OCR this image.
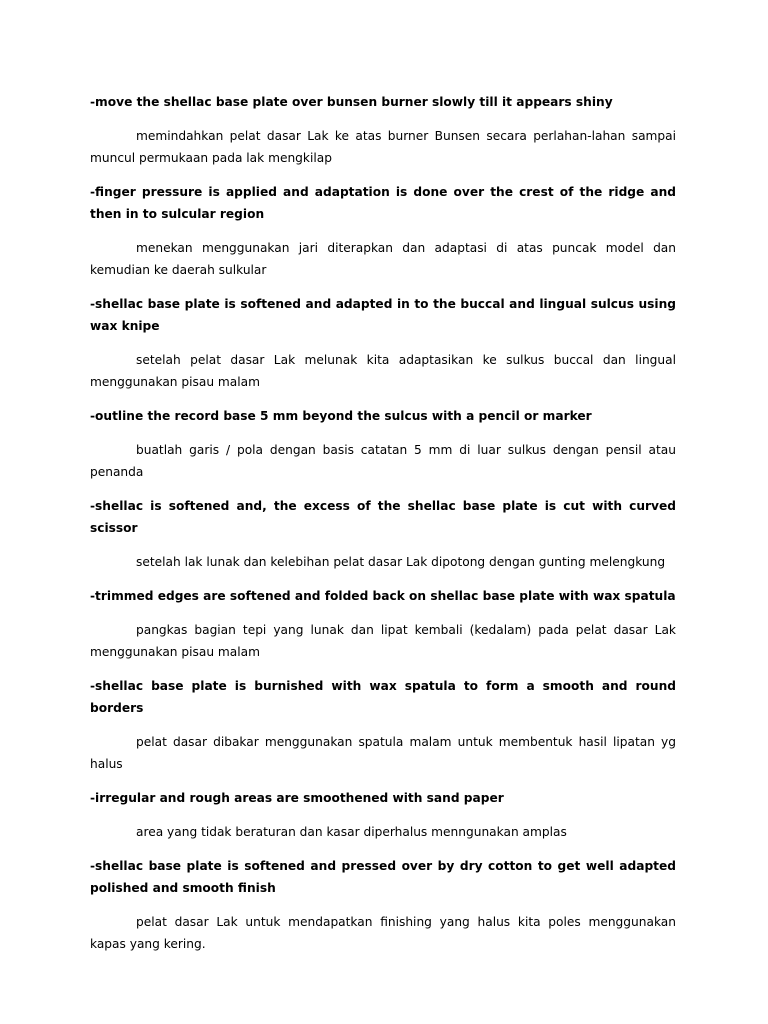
-move the shellac base plate over bunsen burner slowly till it appears shiny

memindahkan pelat dasar Lak ke atas burner Bunsen secara perlahan-lahan sampai muncul permukaan pada lak mengkilap

-finger pressure is applied and adaptation is done over the crest of the ridge and then in to sulcular region

menekan menggunakan jari diterapkan dan adaptasi di atas puncak model dan kemudian ke daerah sulkular

-shellac base plate is softened and adapted in to the buccal and lingual sulcus using wax knipe

setelah pelat dasar Lak melunak kita adaptasikan ke sulkus buccal dan lingual menggunakan pisau malam

-outline the record base 5 mm beyond the sulcus with a pencil or marker

buatlah garis / pola dengan basis catatan 5 mm di luar sulkus dengan pensil atau penanda

-shellac is softened and, the excess of the shellac base plate is cut with curved scissor

setelah lak lunak dan kelebihan pelat dasar Lak dipotong dengan gunting melengkung

-trimmed edges are softened and folded back on shellac base plate with wax spatula

pangkas bagian tepi yang lunak dan lipat kembali (kedalam) pada pelat dasar Lak menggunakan pisau malam

-shellac base plate is burnished with wax spatula to form a smooth and round borders

pelat dasar dibakar menggunakan spatula malam untuk membentuk hasil lipatan yg halus

-irregular and rough areas are smoothened with sand paper

area yang tidak beraturan dan kasar diperhalus menngunakan amplas

-shellac base plate is softened and pressed over by dry cotton to get well adapted polished and smooth finish

pelat dasar Lak untuk mendapatkan finishing yang halus kita poles menggunakan kapas yang kering.
